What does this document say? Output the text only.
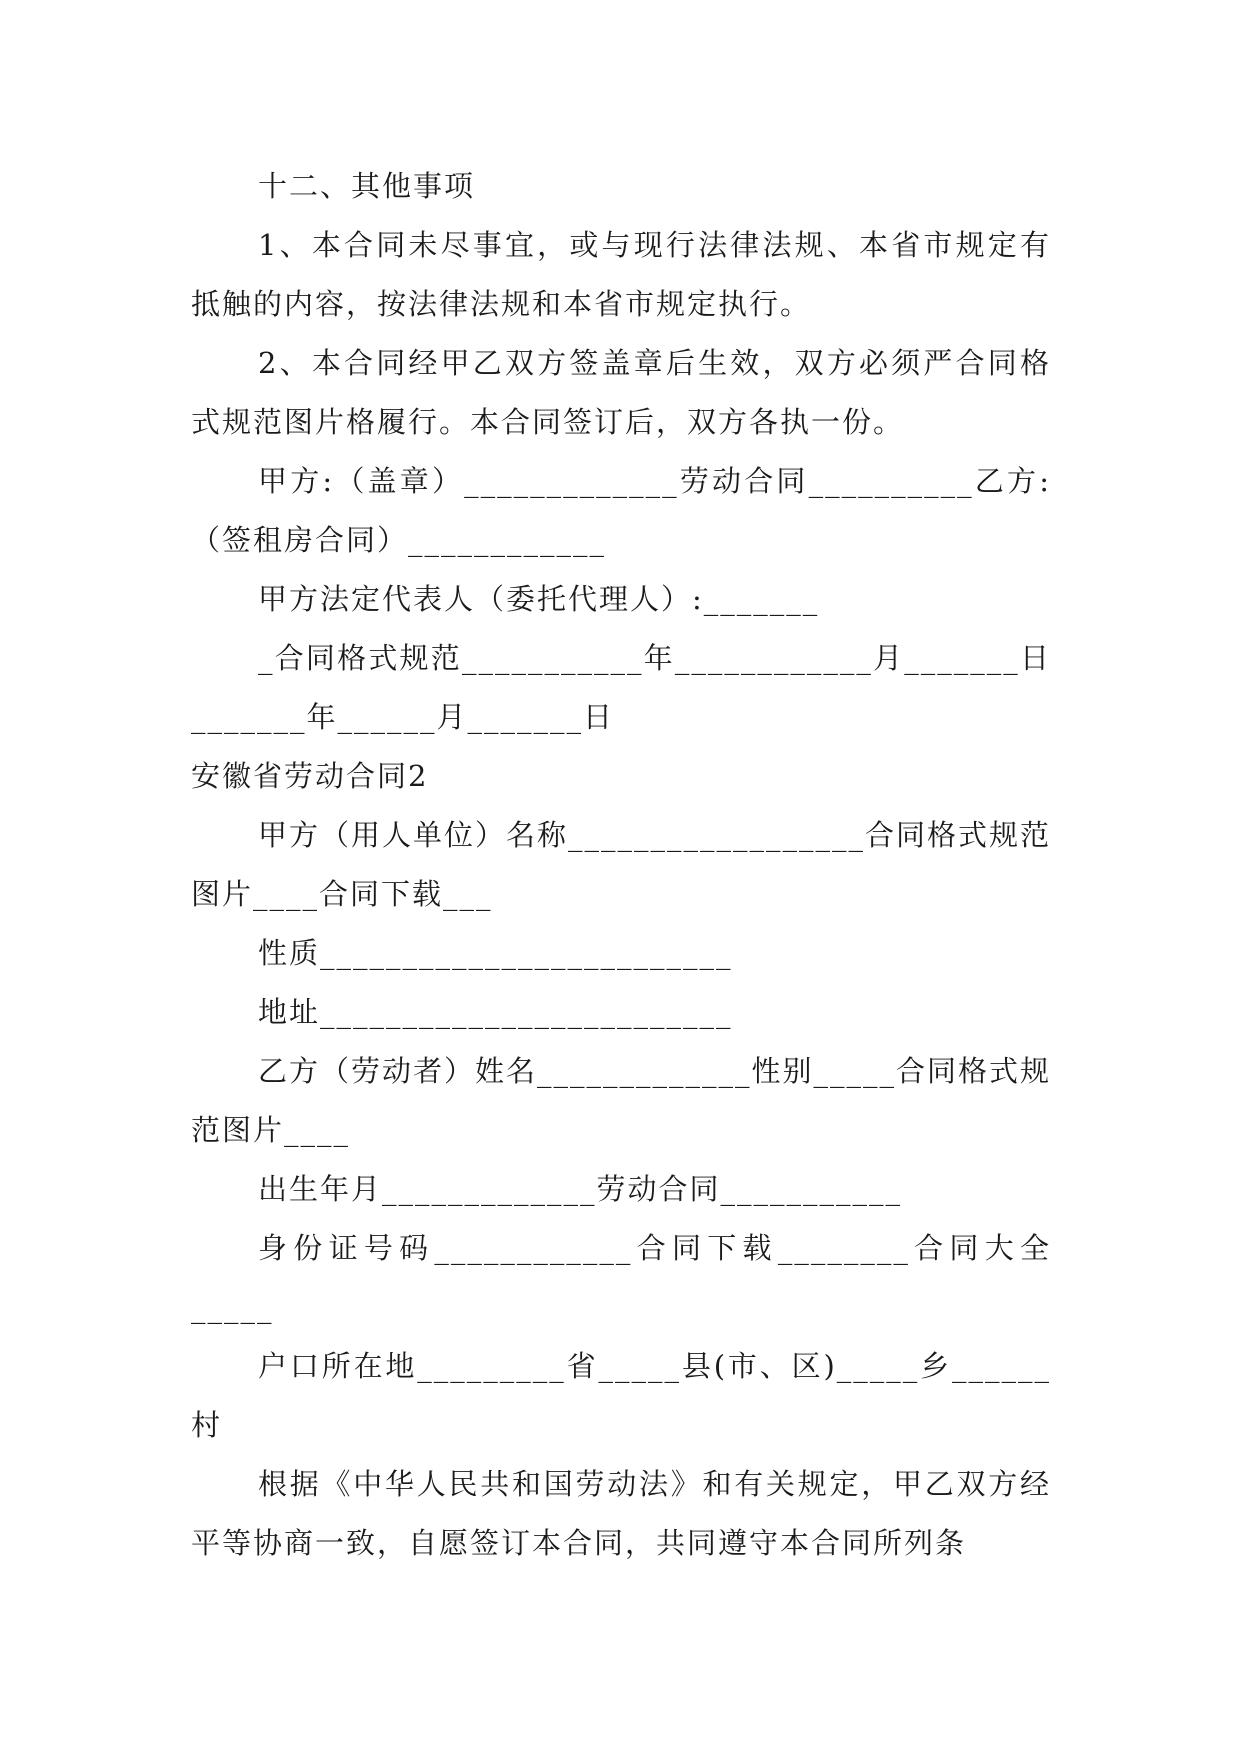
十二、其他事项

1、本合同未尽事宜，或与现行法律法规、本省市规定有抵触的内容，按法律法规和本省市规定执行。

2、本合同经甲乙双方签盖章后生效，双方必须严合同格式规范图片格履行。本合同签订后，双方各执一份。

甲方:（盖章）_____________劳动合同__________乙方:（签租房合同）____________

甲方法定代表人（委托代理人）:_______

_合同格式规范___________年____________月_______日_______年______月_______日

安徽省劳动合同2

甲方（用人单位）名称__________________合同格式规范图片____合同下载___

性质_________________________

地址_________________________

乙方（劳动者）姓名_____________性别_____合同格式规范图片____

出生年月_____________劳动合同___________

身份证号码____________合同下载________合同大全_____

户口所在地_________省_____县(市、区)_____乡______村

根据《中华人民共和国劳动法》和有关规定，甲乙双方经平等协商一致，自愿签订本合同，共同遵守本合同所列条
